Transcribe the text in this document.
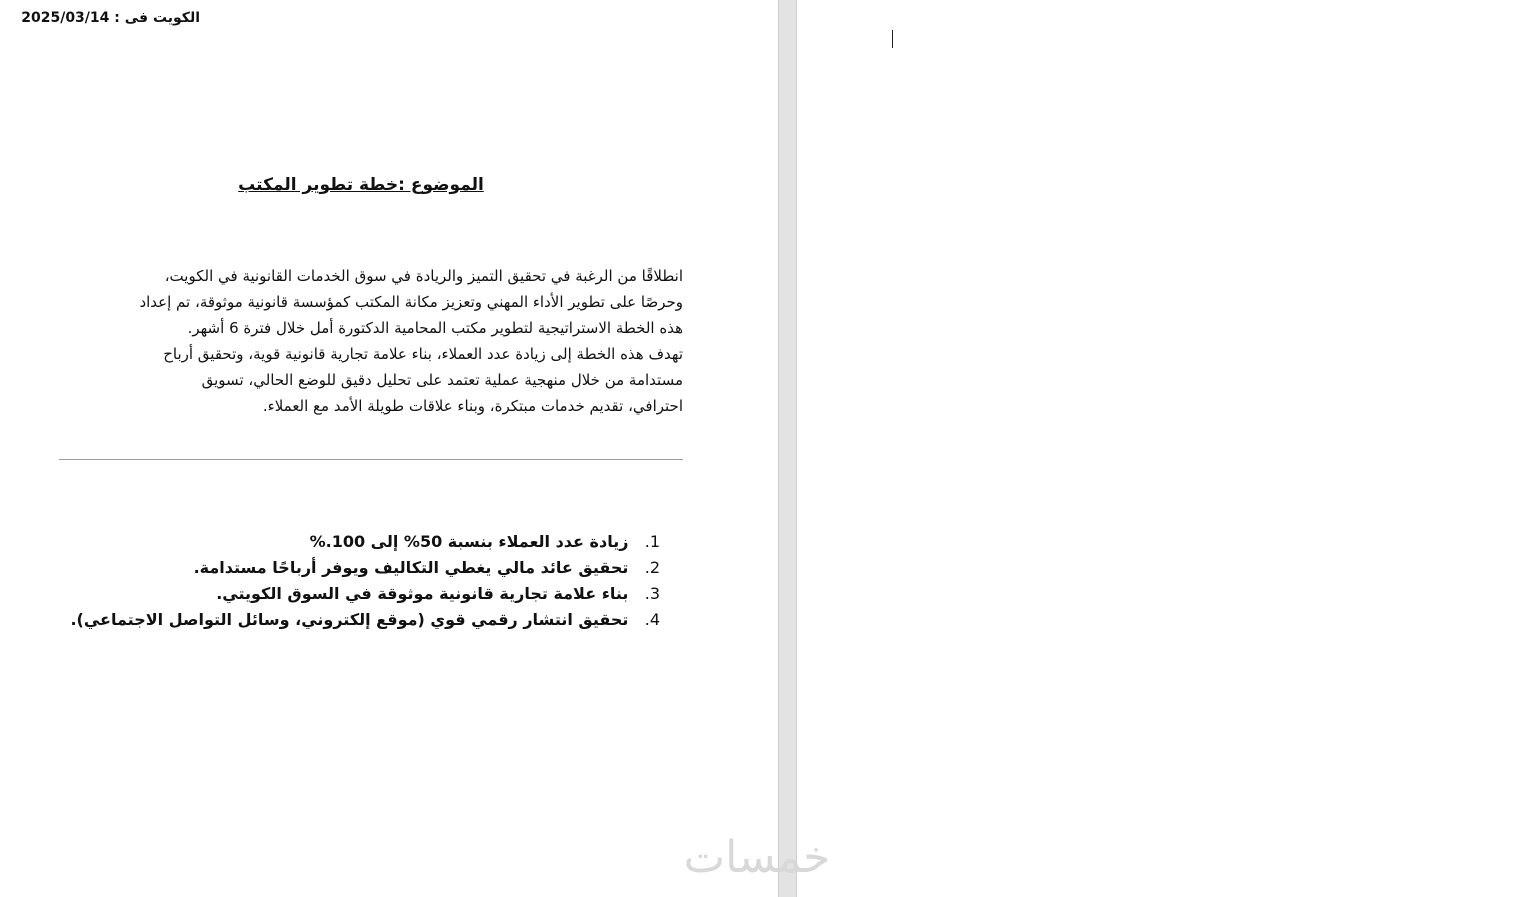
الكويت فى : 2025/03/14
الموضوع :خطة تطوير المكتب
انطلاقًا من الرغبة في تحقيق التميز والريادة في سوق الخدمات القانونية في الكويت،
وحرصًا على تطوير الأداء المهني وتعزيز مكانة المكتب كمؤسسة قانونية موثوقة، تم إعداد
هذه الخطة الاستراتيجية لتطوير مكتب المحامية الدكتورة أمل خلال فترة 6 أشهر.
تهدف هذه الخطة إلى زيادة عدد العملاء، بناء علامة تجارية قانونية قوية، وتحقيق أرباح
مستدامة من خلال منهجية عملية تعتمد على تحليل دقيق للوضع الحالي، تسويق
احترافي، تقديم خدمات مبتكرة، وبناء علاقات طويلة الأمد مع العملاء.
1. زيادة عدد العملاء بنسبة 50% إلى 100.%
2. تحقيق عائد مالي يغطي التكاليف ويوفر أرباحًا مستدامة.
3. بناء علامة تجارية قانونية موثوقة في السوق الكويتي.
4. تحقيق انتشار رقمي قوي (موقع إلكتروني، وسائل التواصل الاجتماعي).
خمسات
